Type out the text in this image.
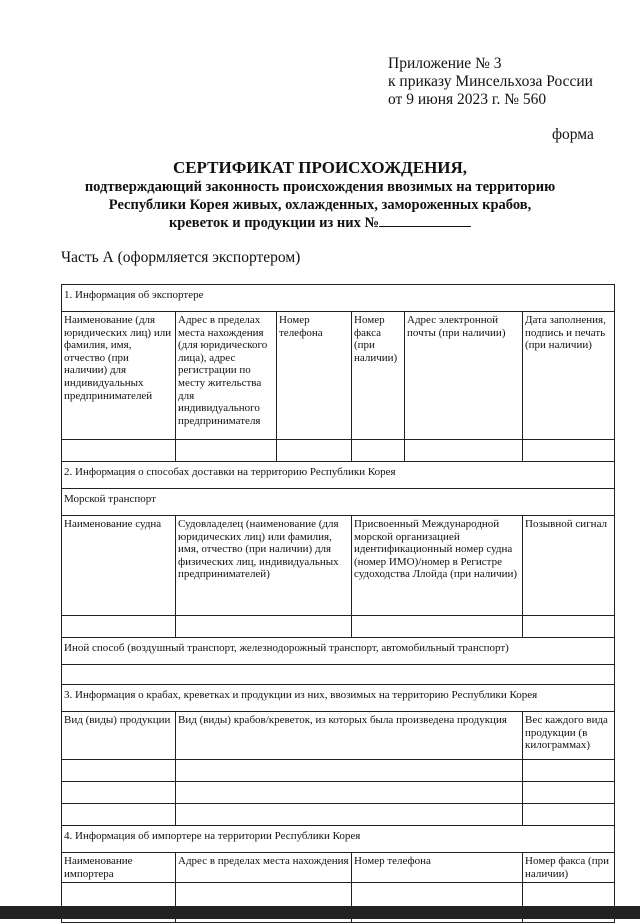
Приложение № 3
к приказу Минсельхоза России
от 9 июня 2023 г. № 560
форма
СЕРТИФИКАТ ПРОИСХОЖДЕНИЯ,
подтверждающий законность происхождения ввозимых на территорию
Республики Корея живых, охлажденных, замороженных крабов,
креветок и продукции из них №
Часть А (оформляется экспортером)
1. Информация об экспортере					
Наименование (для юридических лиц) или фамилия, имя, отчество (при наличии) для индивидуальных предпринимателей	Адрес в пределах места нахождения (для юридического лица), адрес регистрации по месту жительства для индивидуального предпринимателя	Номер телефона	Номер факса (при наличии)	Адрес электронной почты (при наличии)	Дата заполнения, подпись и печать (при наличии)

2. Информация о способах доставки на территорию Республики Корея					
Морской транспорт					
Наименование судна	Судовладелец (наименование (для юридических лиц) или фамилия, имя, отчество (при наличии) для физических лиц, индивидуальных предпринимателей)		Присвоенный Международной морской организацией идентификационный номер судна (номер ИМО)/номер в Регистре судоходства Ллойда (при наличии)		Позывной сигнал

Иной способ (воздушный транспорт, железнодорожный транспорт, автомобильный транспорт)					

3. Информация о крабах, креветках и продукции из них, ввозимых на территорию Республики Корея					
Вид (виды) продукции	Вид (виды) крабов/креветок, из которых была произведена продукция				Вес каждого вида продукции (в килограммах)

4. Информация об импортере на территории Республики Корея					
Наименование импортера	Адрес в пределах места нахождения		Номер телефона		Номер факса (при наличии)
